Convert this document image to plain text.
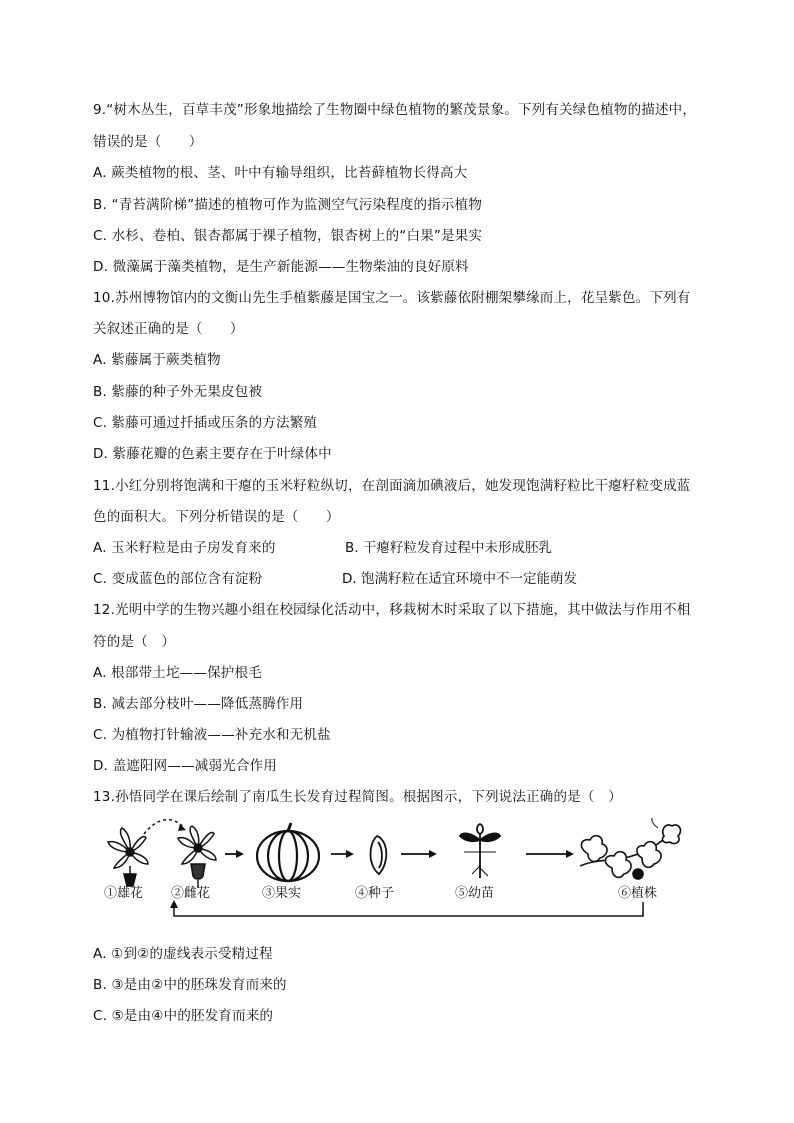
9.“树木丛生，百草丰茂”形象地描绘了生物圈中绿色植物的繁茂景象。下列有关绿色植物的描述中，
错误的是（　　）
A. 蕨类植物的根、茎、叶中有输导组织，比苔藓植物长得高大
B. “青苔满阶梯”描述的植物可作为监测空气污染程度的指示植物
C. 水杉、卷柏、银杏都属于裸子植物，银杏树上的“白果”是果实
D. 微藻属于藻类植物，是生产新能源——生物柴油的良好原料
10.苏州博物馆内的文衡山先生手植紫藤是国宝之一。该紫藤依附棚架攀缘而上，花呈紫色。下列有
关叙述正确的是（　　）
A. 紫藤属于蕨类植物
B. 紫藤的种子外无果皮包被
C. 紫藤可通过扦插或压条的方法繁殖
D. 紫藤花瓣的色素主要存在于叶绿体中
11.小红分别将饱满和干瘪的玉米籽粒纵切，在剖面滴加碘液后，她发现饱满籽粒比干瘪籽粒变成蓝
色的面积大。下列分析错误的是（　　）
A. 玉米籽粒是由子房发育来的	B. 干瘪籽粒发育过程中未形成胚乳
C. 变成蓝色的部位含有淀粉	D. 饱满籽粒在适宜环境中不一定能萌发
12.光明中学的生物兴趣小组在校园绿化活动中，移栽树木时采取了以下措施，其中做法与作用不相
符的是（　）
A. 根部带土坨——保护根毛
B. 减去部分枝叶——降低蒸腾作用
C. 为植物打针输液——补充水和无机盐
D. 盖遮阳网——减弱光合作用
13.孙悟同学在课后绘制了南瓜生长发育过程简图。根据图示，下列说法正确的是（　）
①雄花 ②雌花	③果实	④种子	⑤幼苗	⑥植株
A. ①到②的虚线表示受精过程
B. ③是由②中的胚珠发育而来的
C. ⑤是由④中的胚发育而来的
